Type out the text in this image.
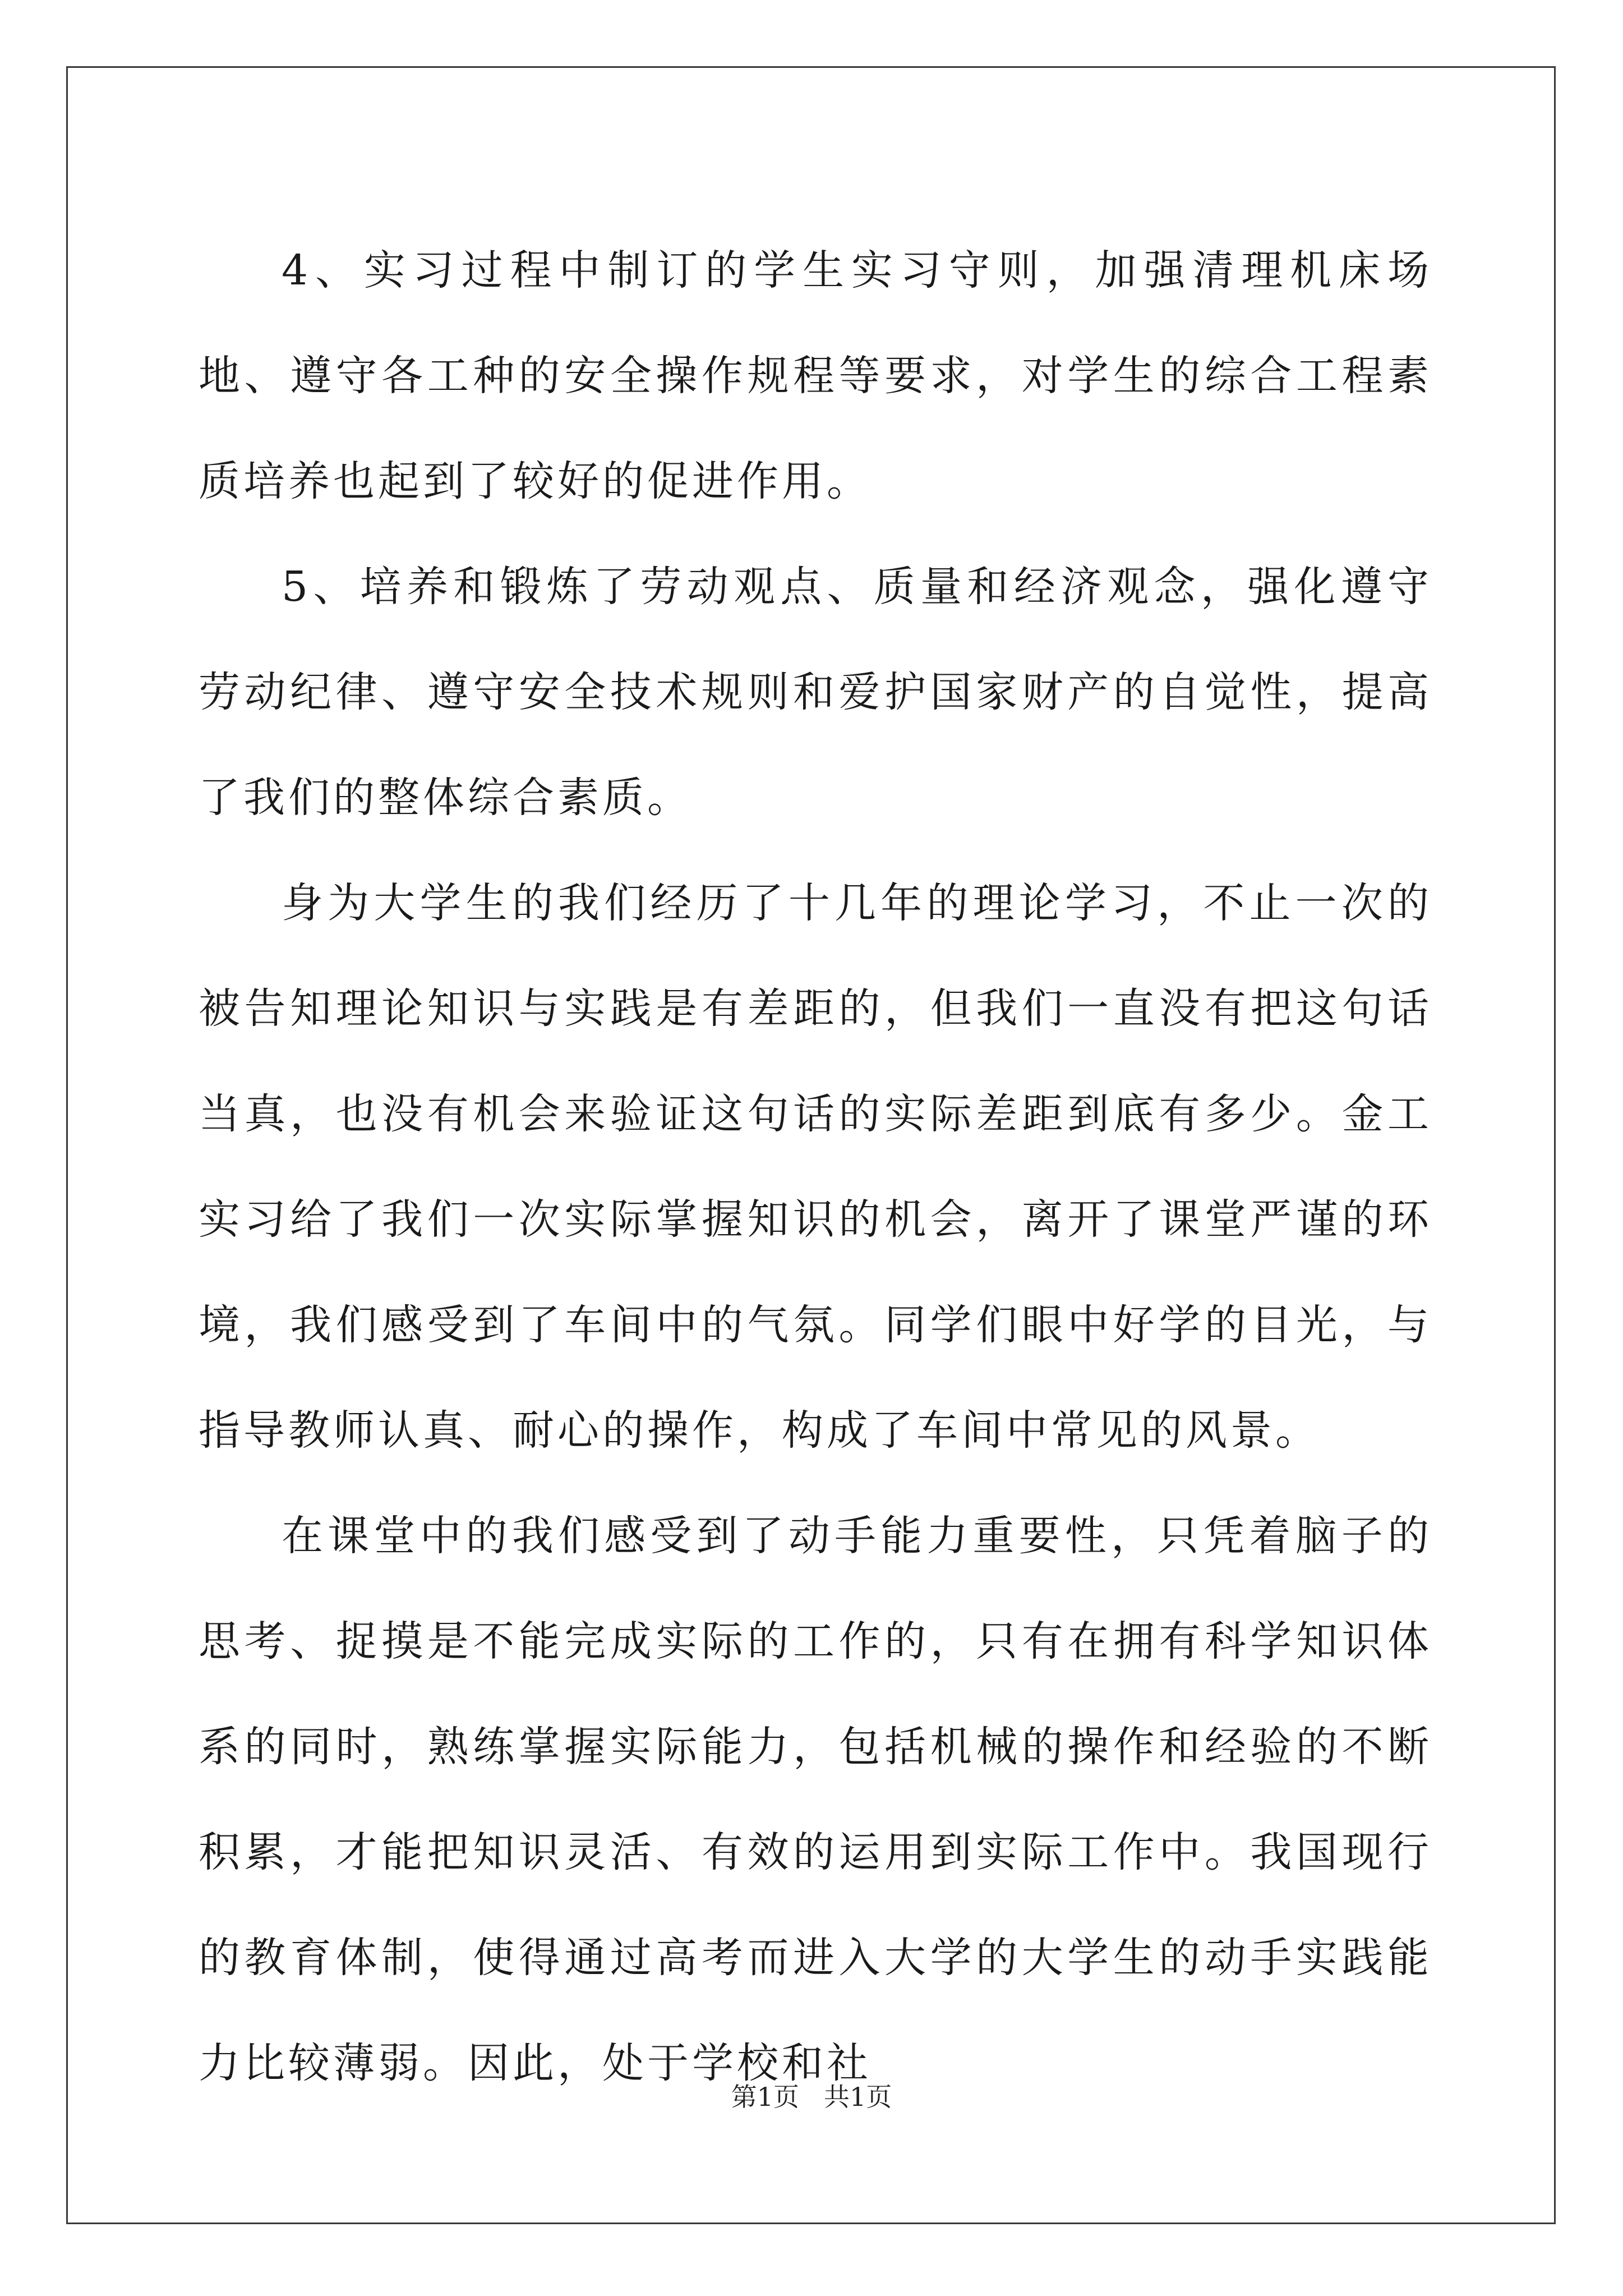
4、实习过程中制订的学生实习守则，加强清理机床场地、遵守各工种的安全操作规程等要求，对学生的综合工程素质培养也起到了较好的促进作用。

5、培养和锻炼了劳动观点、质量和经济观念，强化遵守劳动纪律、遵守安全技术规则和爱护国家财产的自觉性，提高了我们的整体综合素质。

身为大学生的我们经历了十几年的理论学习，不止一次的被告知理论知识与实践是有差距的，但我们一直没有把这句话当真，也没有机会来验证这句话的实际差距到底有多少。金工实习给了我们一次实际掌握知识的机会，离开了课堂严谨的环境，我们感受到了车间中的气氛。同学们眼中好学的目光，与指导教师认真、耐心的操作，构成了车间中常见的风景。

在课堂中的我们感受到了动手能力重要性，只凭着脑子的思考、捉摸是不能完成实际的工作的，只有在拥有科学知识体系的同时，熟练掌握实际能力，包括机械的操作和经验的不断积累，才能把知识灵活、有效的运用到实际工作中。我国现行的教育体制，使得通过高考而进入大学的大学生的动手实践能力比较薄弱。因此，处于学校和社

第1页 共1页
